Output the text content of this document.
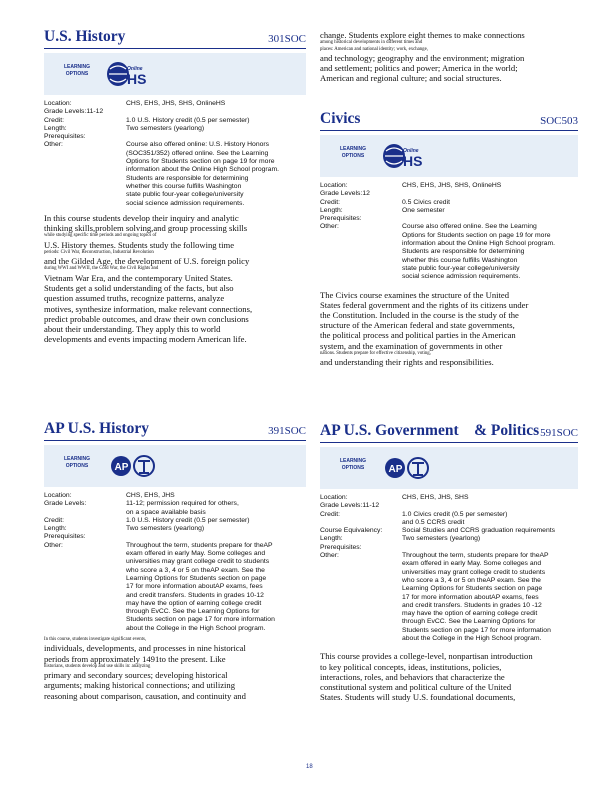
U.S. History	301SOC
LEARNING
OPTIONS
Online
HS
Location:	CHS, EHS, JHS, SHS, OnlineHS
Grade Levels:11-12
Credit:	1.0 U.S. History credit (0.5 per semester)
Length:	Two semesters (yearlong)
Prerequisites:
Other:	Course also offered online: U.S. History Honors
(SOC351/352) offered online. See the Learning
Options for Students section on page 19 for more
information about the Online High School program.
Students are responsible for determining
whether this course fulfills Washington
state public four-year college/university
social science admission requirements.
In this course students develop their inquiry and analytic
thinking skills,problem solving,and group processing skills
while studying specific time periods and ongoing topics of
U.S. History themes. Students study the following time
periods: Civil War, Reconstruction, Industrial Revolution
and the Gilded Age, the development of U.S. foreign policy
during WWI and WWII, the Cold War, the Civil Rights and
Vietnam War Era, and the contemporary United States.
Students get a solid understanding of the facts, but also
question assumed truths, recognize patterns, analyze
motives, synthesize information, make relevant connections,
predict probable outcomes, and draw their own conclusions
about their understanding. They apply this to world
developments and events impacting modern American life.
AP U.S. History	391SOC
LEARNING
OPTIONS	AP
Location:	CHS, EHS, JHS
Grade Levels:	11-12; permission required for others,
on a space available basis
Credit:	1.0 U.S. History credit (0.5 per semester)
Length:	Two semesters (yearlong)
Prerequisites:
Other:	Throughout the term, students prepare for theAP
exam offered in early May. Some colleges and
universities may grant college credit to students
who score a 3, 4 or 5 on theAP exam. See the
Learning Options for Students section on page
17 for more information aboutAP exams, fees
and credit transfers. Students in grades 10-12
may have the option of earning college credit
through EvCC. See the Learning Options for
Students section on page 17 for more information
about the College in the High School program.
In this course, students investigate significant events,
individuals, developments, and processes in nine historical
periods from approximately 1491to the present. Like
historians, students develop and use skills in: analyzing
primary and secondary sources; developing historical
arguments; making historical connections; and utilizing
reasoning about comparison, causation, and continuity and
change. Students explore eight themes to make connections
among historical developments in different times and
places: American and national identity; work, exchange,
and technology; geography and the environment; migration
and settlement; politics and power; America in the world;
American and regional culture; and social structures.
Civics	SOC503
LEARNING
OPTIONS
Online
HS
Location:	CHS, EHS, JHS, SHS, OnlineHS
Grade Levels:12
Credit:	0.5 Civics credit
Length:	One semester
Prerequisites:
Other:	Course also offered online. See the Learning
Options for Students section on page 19 for more
information about the Online High School program.
Students are responsible for determining
whether this course fulfills Washington
state public four-year college/university
social science admission requirements.
The Civics course examines the structure of the United
States federal government and the rights of its citizens under
the Constitution. Included in the course is the study of the
structure of the American federal and state governments,
the political process and political parties in the American
system, and the examination of governments in other
nations. Students prepare for effective citizenship, voting,
and understanding their rights and responsibilities.
AP U.S. Government    & Politics 591SOC
LEARNING
OPTIONS	AP
Location:	CHS, EHS, JHS, SHS
Grade Levels:11-12
Credit:	1.0 Civics credit (0.5 per semester)
and 0.5 CCRS credit
Course Equivalency:	Social Studies and CCRS graduation requirements
Length:	Two semesters (yearlong)
Prerequisites:
Other:	Throughout the term, students prepare for theAP
exam offered in early May. Some colleges and
universities may grant college credit to students
who score a 3, 4 or 5 on theAP exam. See the
Learning Options for Students section on page
17 for more information aboutAP exams, fees
and credit transfers. Students in grades 10 -12
may have the option of earning college credit
through EvCC. See the Learning Options for
Students section on page 17 for more information
about the College in the High School program.
This course provides a college-level, nonpartisan introduction
to key political concepts, ideas, institutions, policies,
interactions, roles, and behaviors that characterize the
constitutional system and political culture of the United
States. Students will study U.S. foundational documents,
18
